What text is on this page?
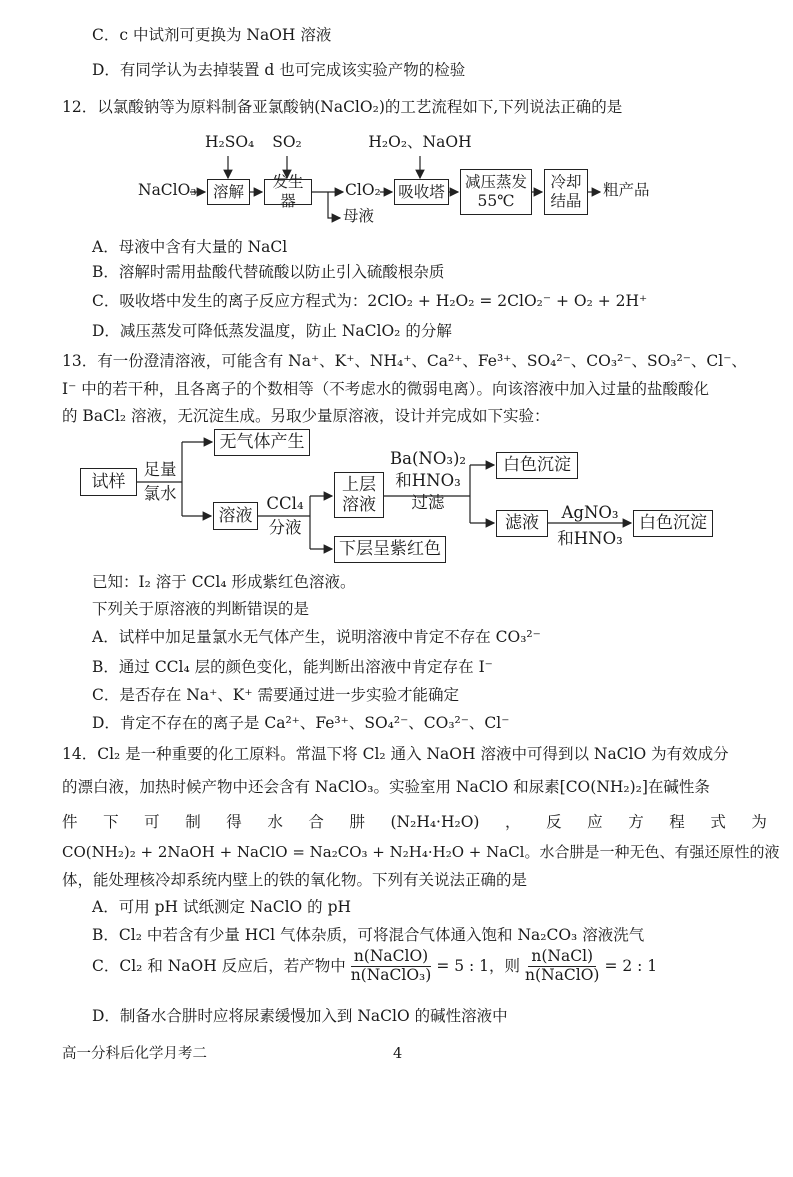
C．c 中试剂可更换为 NaOH 溶液
D．有同学认为去掉装置 d 也可完成该实验产物的检验
12．以氯酸钠等为原料制备亚氯酸钠(NaClO₂)的工艺流程如下,下列说法正确的是
H₂SO₄ SO₂	H₂O₂、NaOH
NaClO₃	溶解
发生器
ClO₂
母液
吸收塔
减压蒸发
55℃
冷却
结晶
粗产品
A．母液中含有大量的 NaCl
B．溶解时需用盐酸代替硫酸以防止引入硫酸根杂质
C．吸收塔中发生的离子反应方程式为：2ClO₂ + H₂O₂ = 2ClO₂⁻ + O₂ + 2H⁺
D．减压蒸发可降低蒸发温度，防止 NaClO₂ 的分解
13．有一份澄清溶液，可能含有 Na⁺、K⁺、NH₄⁺、Ca²⁺、Fe³⁺、SO₄²⁻、CO₃²⁻、SO₃²⁻、Cl⁻、
I⁻ 中的若干种，且各离子的个数相等（不考虑水的微弱电离）。向该溶液中加入过量的盐酸酸化
的 BaCl₂ 溶液，无沉淀生成。另取少量原溶液，设计并完成如下实验：
试样
足量
氯水
无气体产生
溶液
CCl₄
分液
上层
溶液
下层呈紫红色
Ba(NO₃)₂
和HNO₃
过滤
白色沉淀
滤液
AgNO₃
和HNO₃
白色沉淀
已知：I₂ 溶于 CCl₄ 形成紫红色溶液。
下列关于原溶液的判断错误的是
A．试样中加足量氯水无气体产生，说明溶液中肯定不存在 CO₃²⁻
B．通过 CCl₄ 层的颜色变化，能判断出溶液中肯定存在 I⁻
C．是否存在 Na⁺、K⁺ 需要通过进一步实验才能确定
D．肯定不存在的离子是 Ca²⁺、Fe³⁺、SO₄²⁻、CO₃²⁻、Cl⁻
14．Cl₂ 是一种重要的化工原料。常温下将 Cl₂ 通入 NaOH 溶液中可得到以 NaClO 为有效成分
的漂白液，加热时候产物中还会含有 NaClO₃。实验室用 NaClO 和尿素[CO(NH₂)₂]在碱性条
件 下 可 制 得 水 合 肼 (N₂H₄·H₂O) ， 反 应 方 程 式 为
CO(NH₂)₂ + 2NaOH + NaClO = Na₂CO₃ + N₂H₄·H₂O + NaCl。水合肼是一种无色、有强还原性的液
体，能处理核冷却系统内壁上的铁的氧化物。下列有关说法正确的是
A．可用 pH 试纸测定 NaClO 的 pH
B．Cl₂ 中若含有少量 HCl 气体杂质，可将混合气体通入饱和 Na₂CO₃ 溶液洗气
C．Cl₂ 和 NaOH 反应后，若产物中 $\frac{\text{n(NaClO)}}{\text{n(NaClO₃)}} = 5$ : 1，则 $\frac{\text{n(NaCl)}}{\text{n(NaClO)}} = 2$ : 1
D．制备水合肼时应将尿素缓慢加入到 NaClO 的碱性溶液中
高一分科后化学月考二	4
